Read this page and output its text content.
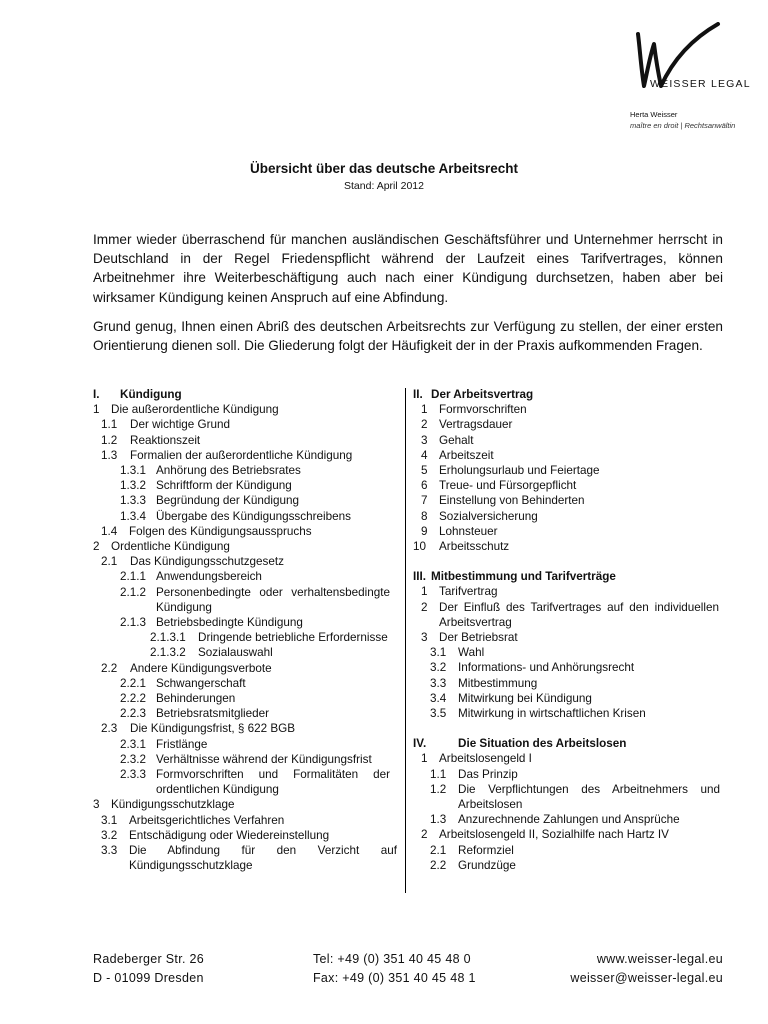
WEISSER LEGAL
Herta Weisser
maître en droit | Rechtsanwältin
Übersicht über das deutsche Arbeitsrecht
Stand: April 2012

Immer wieder überraschend für manchen ausländischen Geschäftsführer und Unternehmer herrscht in Deutschland in der Regel Friedenspflicht während der Laufzeit eines Tarifvertrages, können Arbeitnehmer ihre Weiterbeschäftigung auch nach einer Kündigung durchsetzen, haben aber bei wirksamer Kündigung keinen Anspruch auf eine Abfindung.

Grund genug, Ihnen einen Abriß des deutschen Arbeitsrechts zur Verfügung zu stellen, der einer ersten Orientierung dienen soll. Die Gliederung folgt der Häufigkeit der in der Praxis aufkommenden Fragen.

I. Kündigung
1 Die außerordentliche Kündigung
1.1 Der wichtige Grund
1.2 Reaktionszeit
1.3 Formalien der außerordentliche Kündigung
1.3.1 Anhörung des Betriebsrates
1.3.2 Schriftform der Kündigung
1.3.3 Begründung der Kündigung
1.3.4 Übergabe des Kündigungsschreibens
1.4 Folgen des Kündigungsausspruchs
2 Ordentliche Kündigung
2.1 Das Kündigungsschutzgesetz
2.1.1 Anwendungsbereich
2.1.2 Personenbedingte oder verhaltensbedingte Kündigung
2.1.3 Betriebsbedingte Kündigung
2.1.3.1 Dringende betriebliche Erfordernisse
2.1.3.2 Sozialauswahl
2.2 Andere Kündigungsverbote
2.2.1 Schwangerschaft
2.2.2 Behinderungen
2.2.3 Betriebsratsmitglieder
2.3 Die Kündigungsfrist, § 622 BGB
2.3.1 Fristlänge
2.3.2 Verhältnisse während der Kündigungsfrist
2.3.3 Formvorschriften und Formalitäten der ordentlichen Kündigung
3 Kündigungsschutzklage
3.1 Arbeitsgerichtliches Verfahren
3.2 Entschädigung oder Wiedereinstellung
3.3 Die Abfindung für den Verzicht auf Kündigungsschutzklage
II. Der Arbeitsvertrag
1 Formvorschriften
2 Vertragsdauer
3 Gehalt
4 Arbeitszeit
5 Erholungsurlaub und Feiertage
6 Treue- und Fürsorgepflicht
7 Einstellung von Behinderten
8 Sozialversicherung
9 Lohnsteuer
10 Arbeitsschutz
III. Mitbestimmung und Tarifverträge
1 Tarifvertrag
2 Der Einfluß des Tarifvertrages auf den individuellen Arbeitsvertrag
3 Der Betriebsrat
3.1 Wahl
3.2 Informations- und Anhörungsrecht
3.3 Mitbestimmung
3.4 Mitwirkung bei Kündigung
3.5 Mitwirkung in wirtschaftlichen Krisen
IV.	Die Situation des Arbeitslosen
1 Arbeitslosengeld I
1.1 Das Prinzip
1.2 Die Verpflichtungen des Arbeitnehmers und Arbeitslosen
1.3 Anzurechnende Zahlungen und Ansprüche
2 Arbeitslosengeld II, Sozialhilfe nach Hartz IV
2.1 Reformziel
2.2 Grundzüge
Radeberger Str. 26
D - 01099 Dresden
Tel: +49 (0) 351 40 45 48 0
Fax: +49 (0) 351 40 45 48 1
www.weisser-legal.eu
weisser@weisser-legal.eu
